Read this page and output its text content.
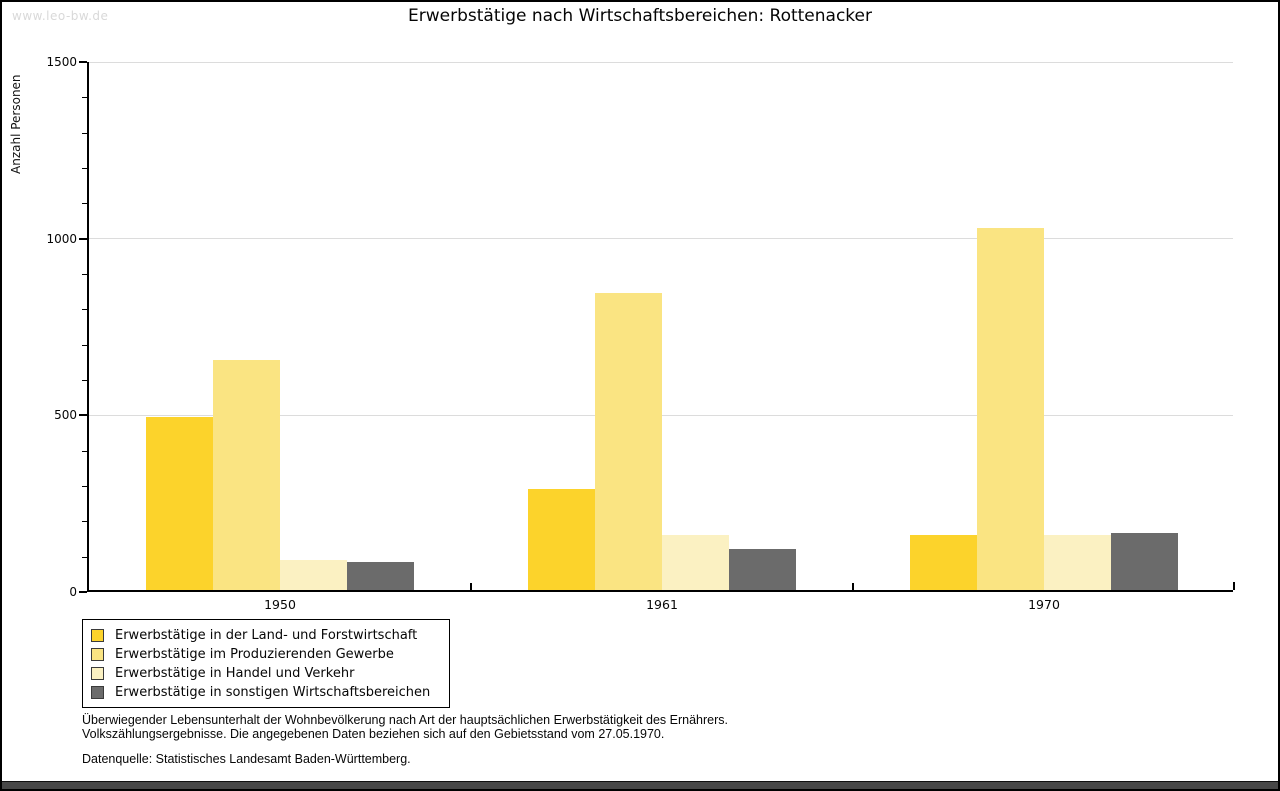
www.leo-bw.de	Erwerbstätige nach Wirtschaftsbereichen: Rottenacker
Anzahl Personen
0
500
1000
1500
1950	1961	1970
Erwerbstätige in der Land- und Forstwirtschaft
Erwerbstätige im Produzierenden Gewerbe
Erwerbstätige in Handel und Verkehr
Erwerbstätige in sonstigen Wirtschaftsbereichen
Überwiegender Lebensunterhalt der Wohnbevölkerung nach Art der hauptsächlichen Erwerbstätigkeit des Ernährers.
Volkszählungsergebnisse. Die angegebenen Daten beziehen sich auf den Gebietsstand vom 27.05.1970.
Datenquelle: Statistisches Landesamt Baden-Württemberg.
